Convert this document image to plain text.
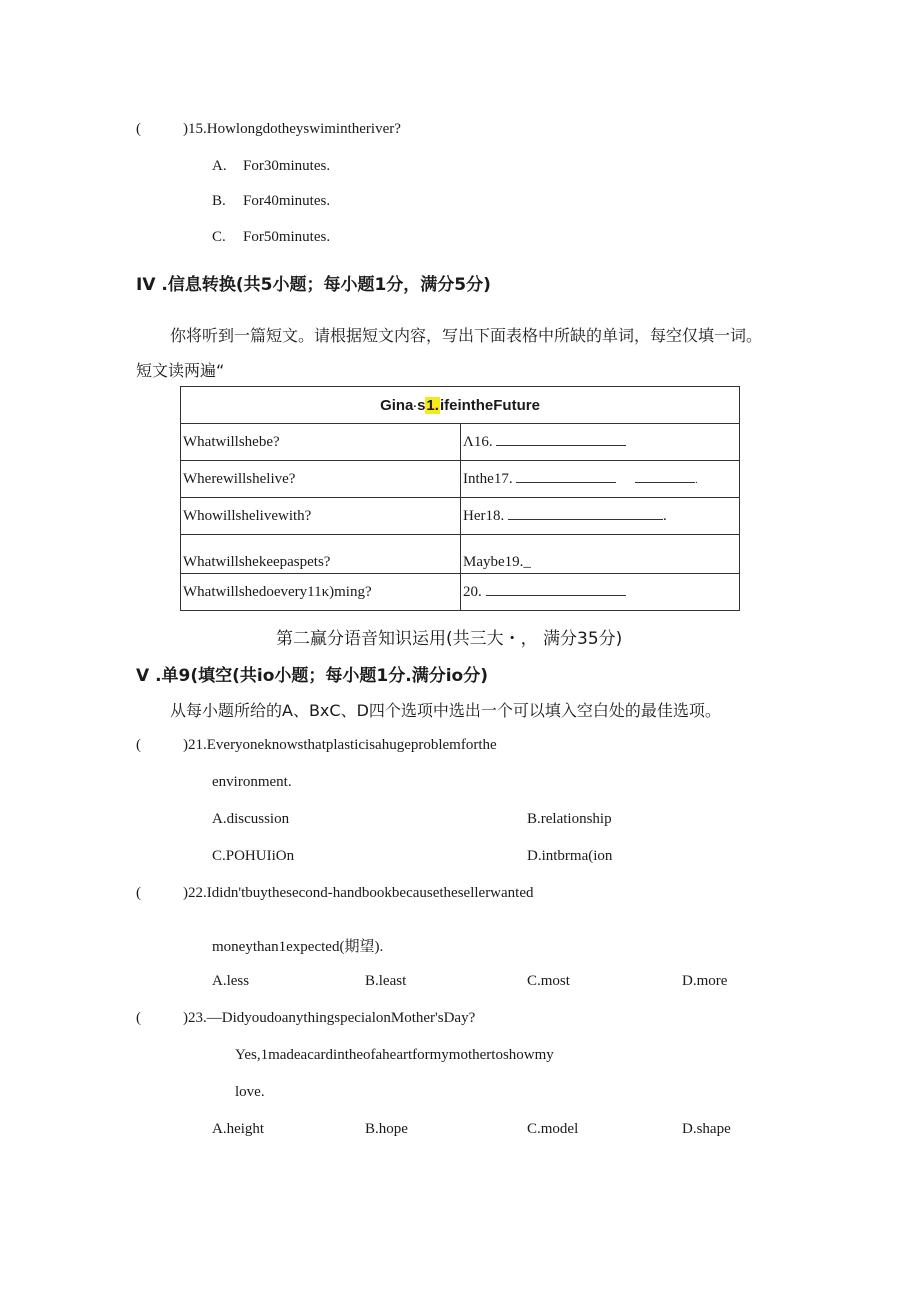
(	)15.Howlongdotheyswimintheriver?
A. For30minutes.
B. For40minutes.
C. For50minutes.
IV .信息转换(共5小题；每小题1分，满分5分)
你将听到一篇短文。请根据短文内容，写出下面表格中所缺的单词，每空仅填一词。
短文读两遍“
Gina·s1.ifeintheFuture	
Whatwillshebe?	Λ16.
Wherewillshelive?	Inthe17. .
Whowillshelivewith?	Her18. .
Whatwillshekeepaspets?	Maybe19._
Whatwillshedoevery11κ)ming?	20.
第二赢分语音知识运用(共三大・， 满分35分)
V .单9(填空(共io小题；每小题1分.满分io分)
从每小题所给的A、BxC、D四个选项中选出一个可以填入空白处的最佳选项。
(	)21.Everyoneknowsthatplasticisahugeproblemforthe
environment.
A.discussion	B.relationship
C.POHUIiOn	D.intbrma(ion
(	)22.Ididn'tbuythesecond-handbookbecausethesellerwanted
moneythan1expected(期望).
A.less	B.least	C.most	D.more
(	)23.—DidyoudoanythingspecialonMother'sDay?
Yes,1madeacardintheofaheartformymothertoshowmy
love.
A.height	B.hope	C.model	D.shape
